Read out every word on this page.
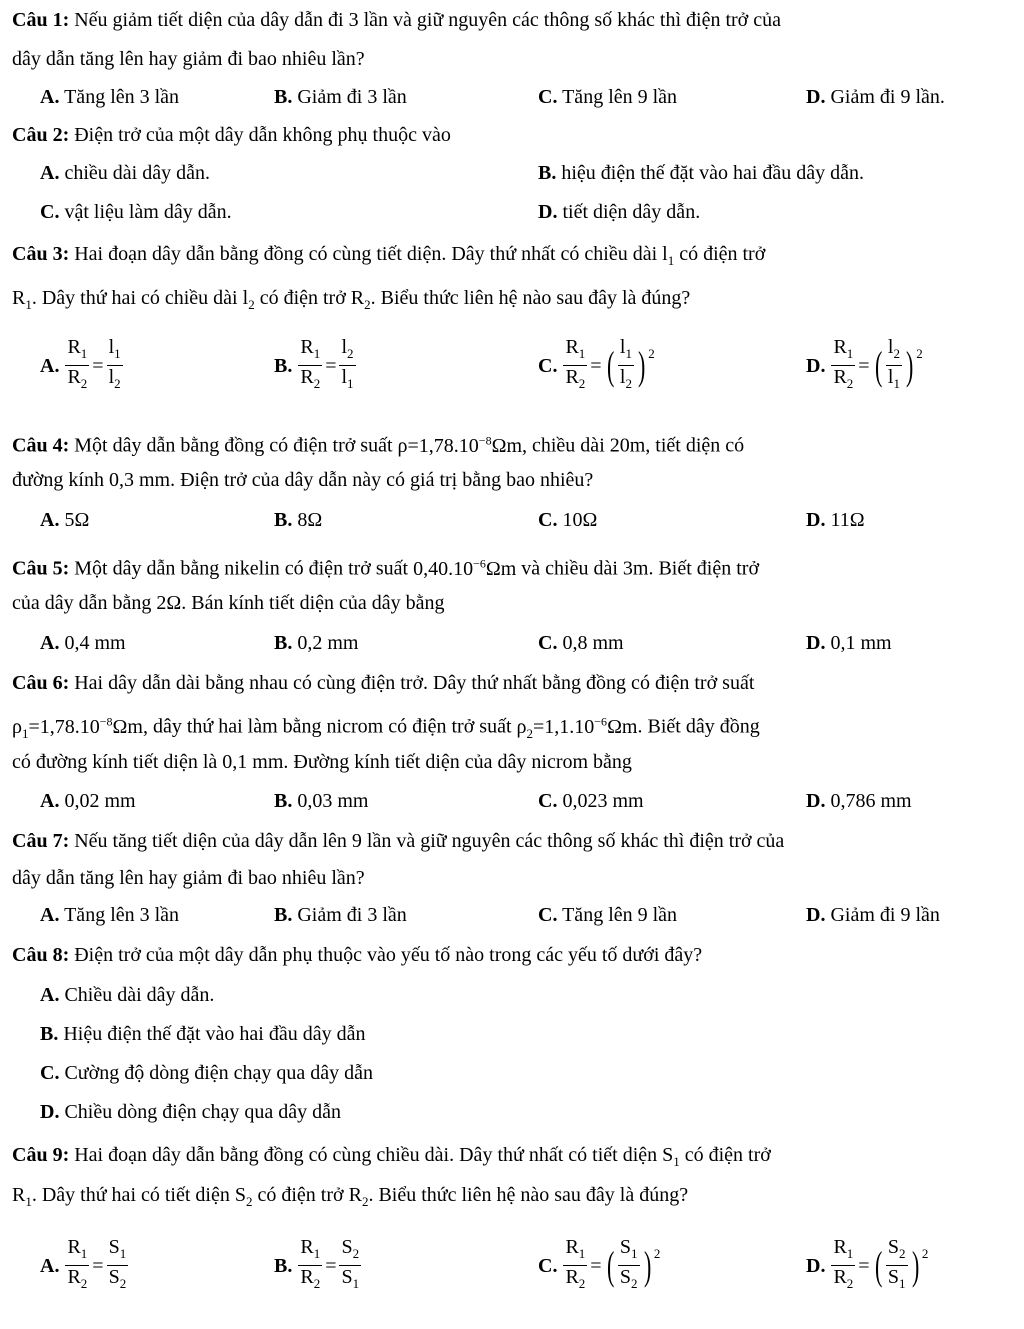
Câu 1: Nếu giảm tiết diện của dây dẫn đi 3 lần và giữ nguyên các thông số khác thì điện trở của
dây dẫn tăng lên hay giảm đi bao nhiêu lần?
A. Tăng lên 3 lần	B. Giảm đi 3 lần	C. Tăng lên 9 lần	D. Giảm đi 9 lần.
Câu 2: Điện trở của một dây dẫn không phụ thuộc vào
A. chiều dài dây dẫn.	B. hiệu điện thế đặt vào hai đầu dây dẫn.
C. vật liệu làm dây dẫn.	D. tiết diện dây dẫn.
Câu 3: Hai đoạn dây dẫn bằng đồng có cùng tiết diện. Dây thứ nhất có chiều dài $l_1$ có điện trở
$R_1$. Dây thứ hai có chiều dài $l_2$ có điện trở $R_2$. Biểu thức liên hệ nào sau đây là đúng?
A.
$\frac{R_1}{R_2} = \frac{l_1}{l_2}$	B.
$\frac{R_1}{R_2} = \frac{l_2}{l_1}$	C.
$\frac{R_1}{R_2}$ = ( $\frac{l_1}{l_2}$ ) 2
D.
$\frac{R_1}{R_2}$ = ( $\frac{l_2}{l_1}$ ) 2
Câu 4: Một dây dẫn bằng đồng có điện trở suất $\rho=1,78.10^{-8}\Omega m$, chiều dài 20m, tiết diện có
đường kính 0,3 mm. Điện trở của dây dẫn này có giá trị bằng bao nhiêu?
A. 5Ω	B. 8Ω	C. 10Ω	D. 11Ω
Câu 5: Một dây dẫn bằng nikelin có điện trở suất $0,40.10^{-6}\Omega m$ và chiều dài 3m. Biết điện trở
của dây dẫn bằng 2Ω. Bán kính tiết diện của dây bằng
A. 0,4 mm	B. 0,2 mm	C. 0,8 mm	D. 0,1 mm
Câu 6: Hai dây dẫn dài bằng nhau có cùng điện trở. Dây thứ nhất bằng đồng có điện trở suất
$\rho_1=1,78.10^{-8}\Omega m$, dây thứ hai làm bằng nicrom có điện trở suất $\rho_2=1,1.10^{-6}\Omega m$. Biết dây đồng
có đường kính tiết diện là 0,1 mm. Đường kính tiết diện của dây nicrom bằng
A. 0,02 mm	B. 0,03 mm	C. 0,023 mm	D. 0,786 mm
Câu 7: Nếu tăng tiết diện của dây dẫn lên 9 lần và giữ nguyên các thông số khác thì điện trở của
dây dẫn tăng lên hay giảm đi bao nhiêu lần?
A. Tăng lên 3 lần	B. Giảm đi 3 lần	C. Tăng lên 9 lần	D. Giảm đi 9 lần
Câu 8: Điện trở của một dây dẫn phụ thuộc vào yếu tố nào trong các yếu tố dưới đây?
A. Chiều dài dây dẫn.
B. Hiệu điện thế đặt vào hai đầu dây dẫn
C. Cường độ dòng điện chạy qua dây dẫn
D. Chiều dòng điện chạy qua dây dẫn
Câu 9: Hai đoạn dây dẫn bằng đồng có cùng chiều dài. Dây thứ nhất có tiết diện $S_1$ có điện trở
$R_1$. Dây thứ hai có tiết diện $S_2$ có điện trở $R_2$. Biểu thức liên hệ nào sau đây là đúng?
A.
$\frac{R_1}{R_2} = \frac{S_1}{S_2}$	B.
$\frac{R_1}{R_2} = \frac{S_2}{S_1}$	C.
$\frac{R_1}{R_2}$ = ( $\frac{S_1}{S_2}$ ) 2
D.
$\frac{R_1}{R_2}$ = ( $\frac{S_2}{S_1}$ ) 2
